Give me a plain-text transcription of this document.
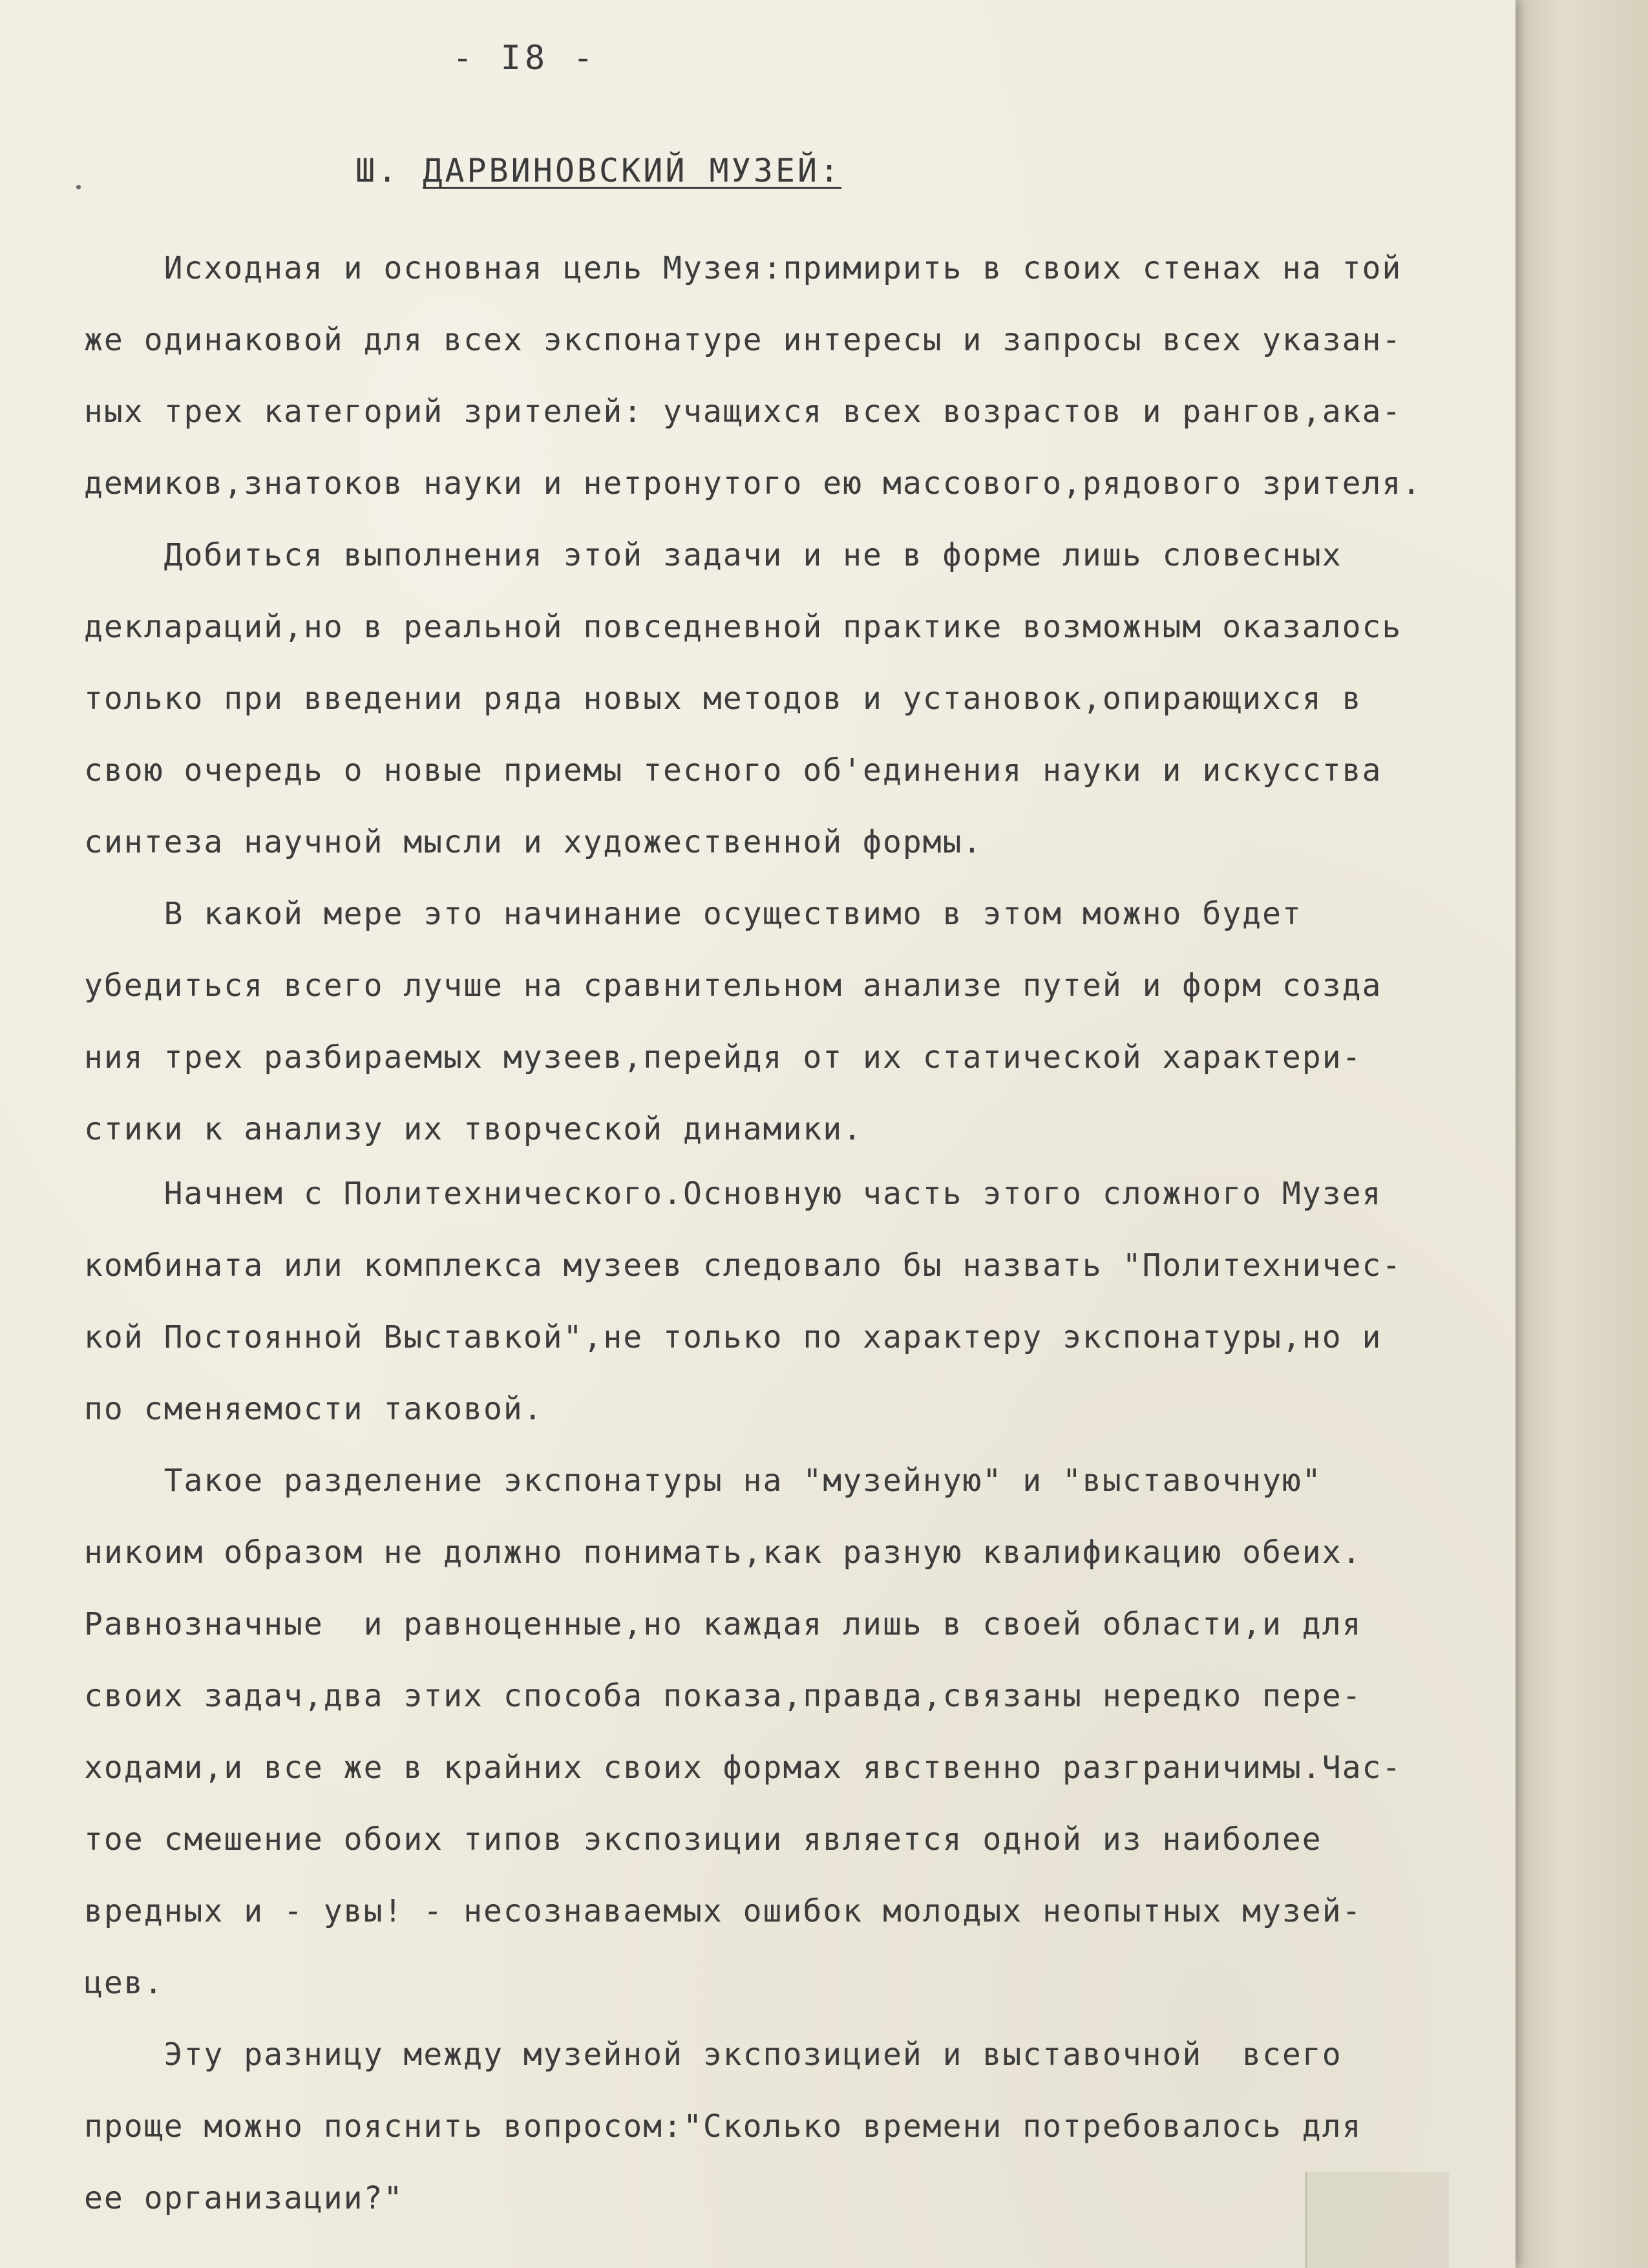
- I8 -
Ш. ДАРВИНОВСКИЙ МУЗЕЙ:
Исходная и основная цель Музея:примирить в своих стенах на той
же одинаковой для всех экспонатуре интересы и запросы всех указан-
ных трех категорий зрителей: учащихся всех возрастов и рангов,ака-
демиков,знатоков науки и нетронутого ею массового,рядового зрителя.
Добиться выполнения этой задачи и не в форме лишь словесных
деклараций,но в реальной повседневной практике возможным оказалось
только при введении ряда новых методов и установок,опирающихся в
свою очередь о новые приемы тесного об'единения науки и искусства
синтеза научной мысли и художественной формы.
В какой мере это начинание осуществимо в этом можно будет
убедиться всего лучше на сравнительном анализе путей и форм созда
ния трех разбираемых музеев,перейдя от их статической характери-
стики к анализу их творческой динамики.
Начнем с Политехнического.Основную часть этого сложного Музея
комбината или комплекса музеев следовало бы назвать "Политехничес-
кой Постоянной Выставкой",не только по характеру экспонатуры,но и
по сменяемости таковой.
Такое разделение экспонатуры на "музейную" и "выставочную"
никоим образом не должно понимать,как разную квалификацию обеих.
Равнозначные  и равноценные,но каждая лишь в своей области,и для
своих задач,два этих способа показа,правда,связаны нередко пере-
ходами,и все же в крайних своих формах явственно разграничимы.Час-
тое смешение обоих типов экспозиции является одной из наиболее
вредных и - увы! - несознаваемых ошибок молодых неопытных музей-
цев.
Эту разницу между музейной экспозицией и выставочной  всего
проще можно пояснить вопросом:"Сколько времени потребовалось для
ее организации?"
